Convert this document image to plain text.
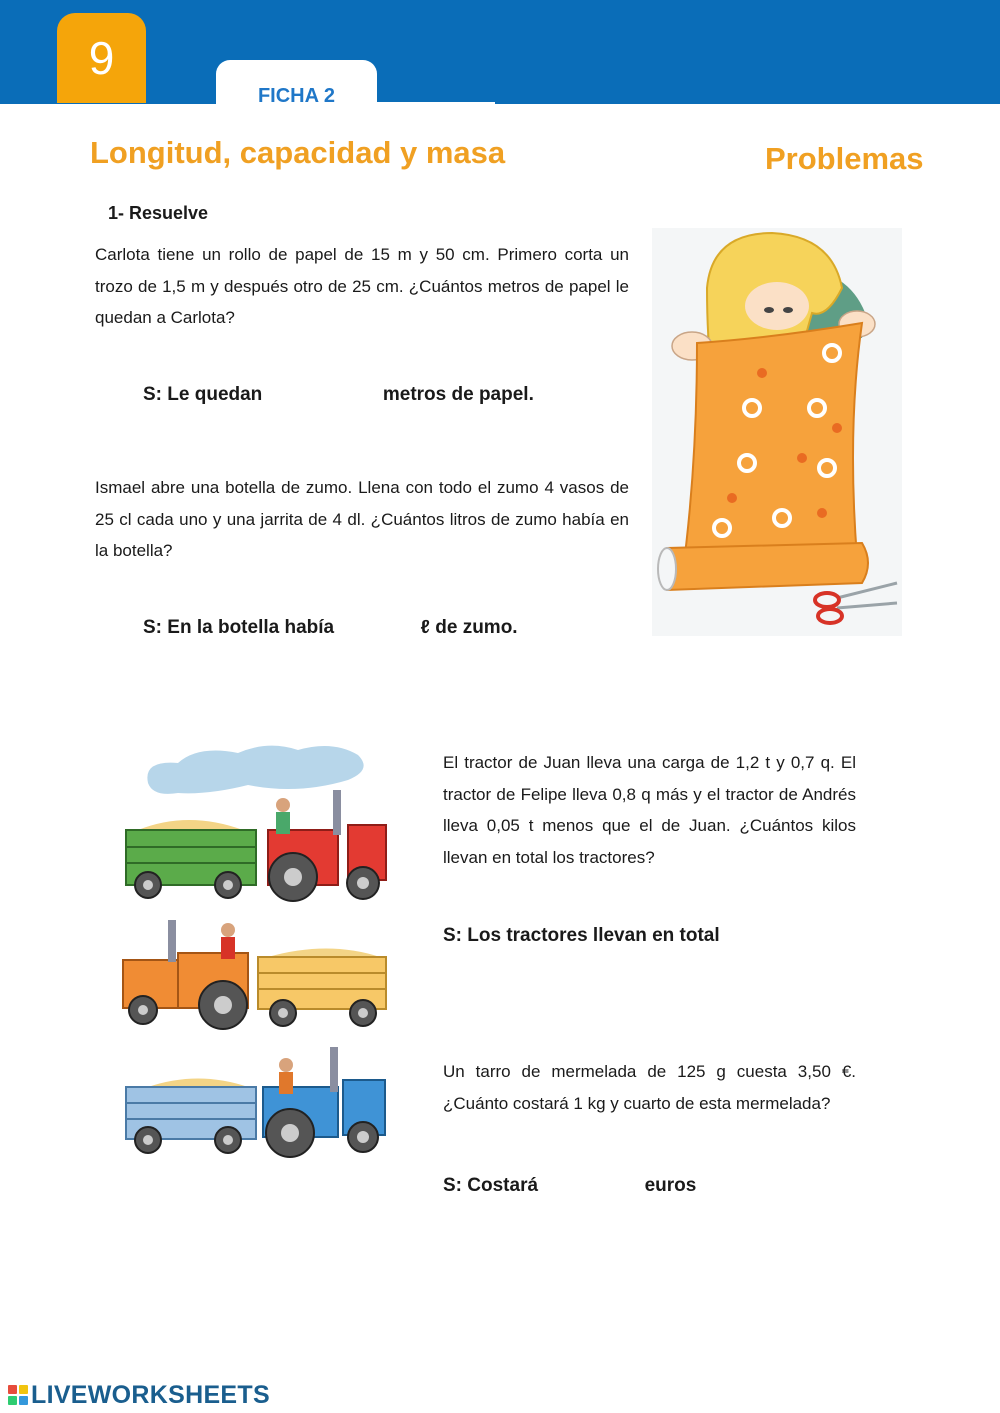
9
FICHA 2
Longitud, capacidad y masa	Problemas
1- Resuelve
Carlota tiene un rollo de papel de 15 m y 50 cm. Primero corta un trozo de 1,5 m y después otro de 25 cm. ¿Cuántos metros de papel le quedan a Carlota?
S: Le quedan	metros de papel.
Ismael abre una botella de zumo. Llena con todo el zumo 4 vasos de 25 cl cada uno y una jarrita de 4 dl. ¿Cuántos litros de zumo había en la botella?
S: En la botella había	ℓ de zumo.
El tractor de Juan lleva una carga de 1,2 t y 0,7 q. El tractor de Felipe lleva 0,8 q más y el tractor de Andrés lleva 0,05 t menos que el de Juan. ¿Cuántos kilos llevan en total los tractores?
S: Los tractores llevan en total
Un tarro de mermelada de 125 g cuesta 3,50 €. ¿Cuánto costará 1 kg y cuarto de esta mermelada?
S: Costará	euros
LIVEWORKSHEETS
